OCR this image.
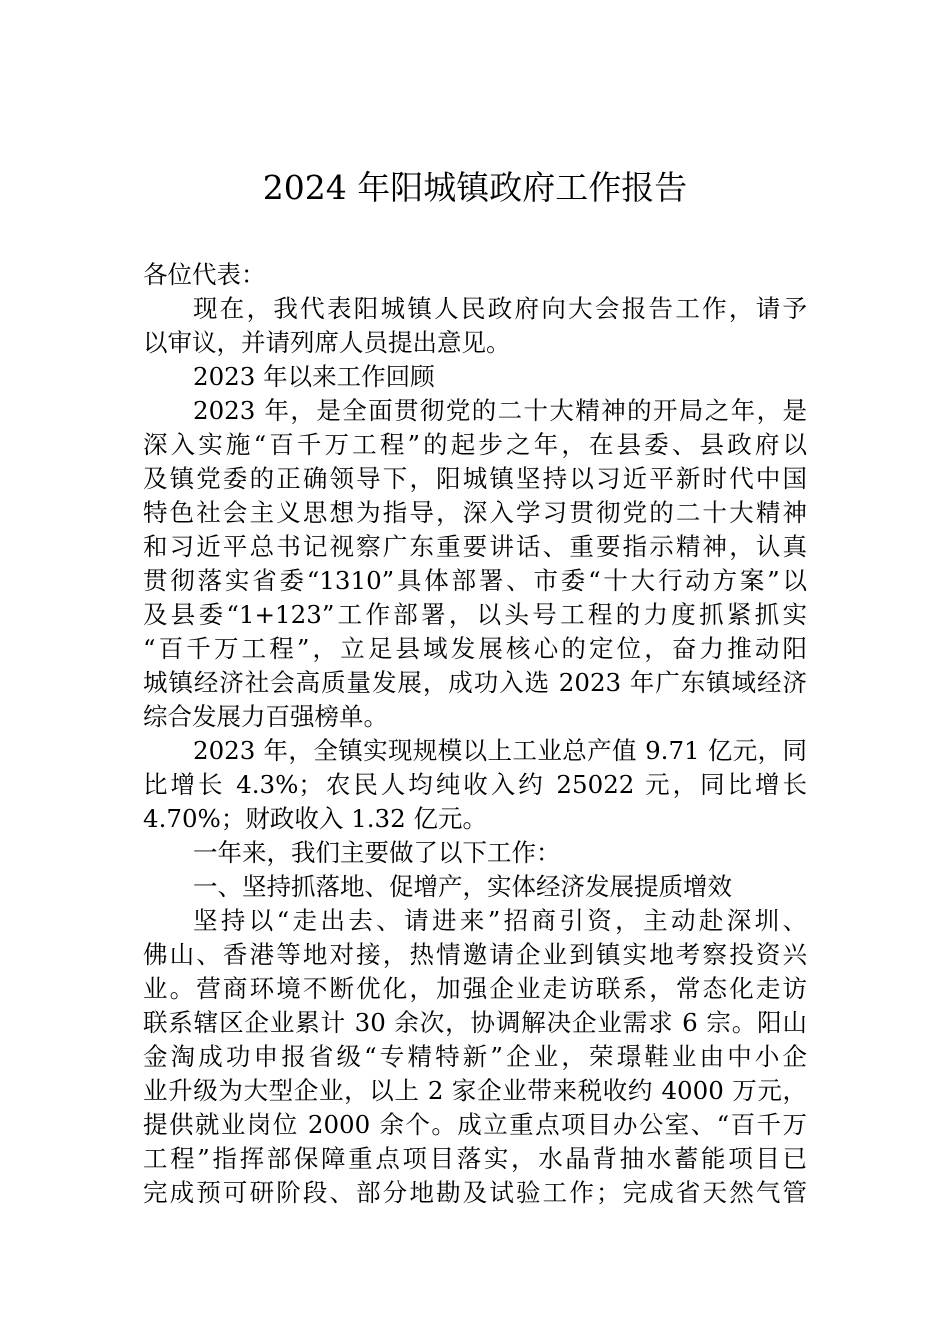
2024 年阳城镇政府工作报告
各位代表：
现在，我代表阳城镇人民政府向大会报告工作，请予
以审议，并请列席人员提出意见。
2023 年以来工作回顾
2023 年，是全面贯彻党的二十大精神的开局之年，是
深入实施“百千万工程”的起步之年，在县委、县政府以
及镇党委的正确领导下，阳城镇坚持以习近平新时代中国
特色社会主义思想为指导，深入学习贯彻党的二十大精神
和习近平总书记视察广东重要讲话、重要指示精神，认真
贯彻落实省委“1310”具体部署、市委“十大行动方案”以
及县委“1+123”工作部署，以头号工程的力度抓紧抓实
“百千万工程”，立足县域发展核心的定位，奋力推动阳
城镇经济社会高质量发展，成功入选 2023 年广东镇域经济
综合发展力百强榜单。
2023 年，全镇实现规模以上工业总产值 9.71 亿元，同
比增长 4.3%；农民人均纯收入约 25022 元，同比增长
4.70%；财政收入 1.32 亿元。
一年来，我们主要做了以下工作：
一、坚持抓落地、促增产，实体经济发展提质增效
坚持以“走出去、请进来”招商引资，主动赴深圳、
佛山、香港等地对接，热情邀请企业到镇实地考察投资兴
业。营商环境不断优化，加强企业走访联系，常态化走访
联系辖区企业累计 30 余次，协调解决企业需求 6 宗。阳山
金淘成功申报省级“专精特新”企业，荣璟鞋业由中小企
业升级为大型企业，以上 2 家企业带来税收约 4000 万元，
提供就业岗位 2000 余个。成立重点项目办公室、“百千万
工程”指挥部保障重点项目落实，水晶背抽水蓄能项目已
完成预可研阶段、部分地勘及试验工作；完成省天然气管
